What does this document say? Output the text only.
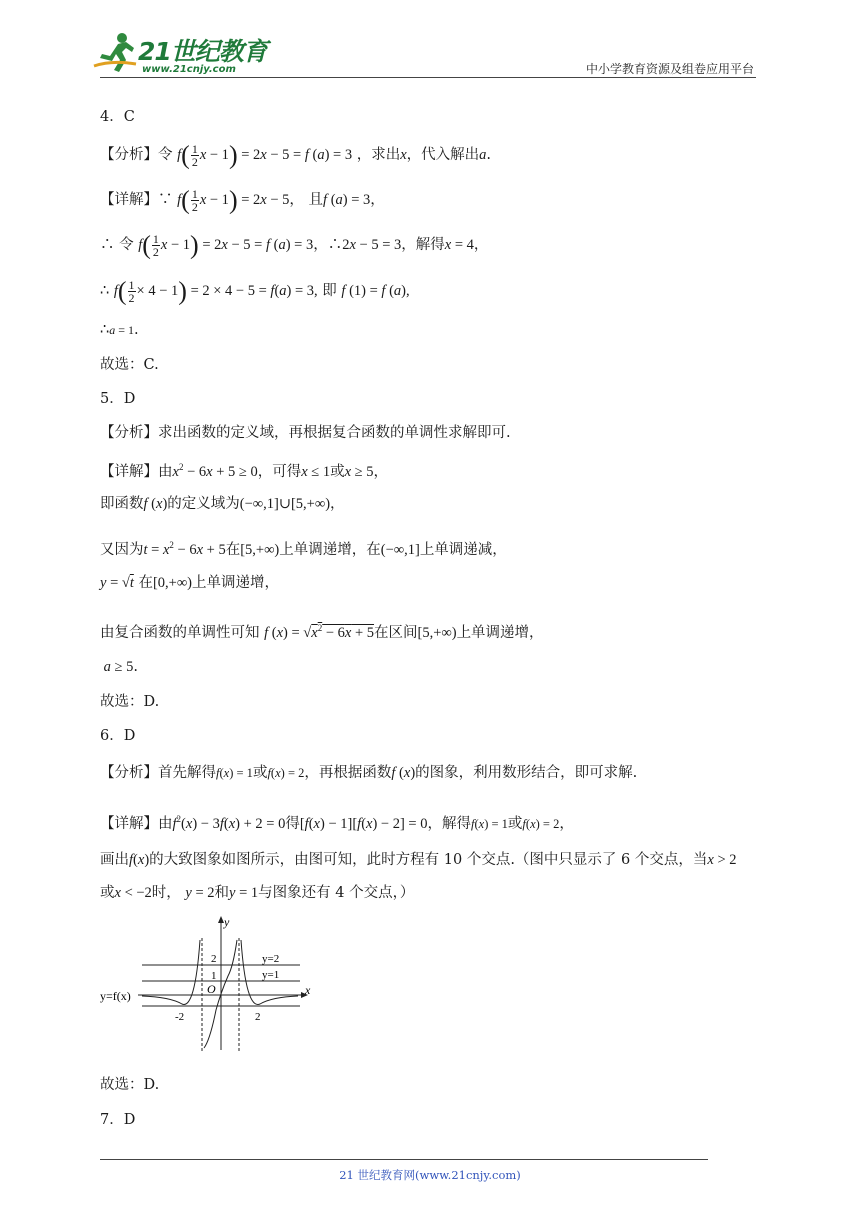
21世纪教育
www.21cnjy.com	中小学教育资源及组卷应用平台
4．C
【分析】令 $f( \frac{1}{2}$ x − 1) = 2x − 5 = f (a) = 3 ，求出x，代入解出a.
【详解】∵ $f( \frac{1}{2}$ x − 1) = 2x − 5， 且f (a) = 3，
∴ 令 $f( \frac{1}{2}$ x − 1) = 2x − 5 = f (a) = 3，∴2x − 5 = 3，解得x = 4，
∴ $f( \frac{1}{2} \times 4 - 1) = 2 \times 4 - 5 = f(a) = 3$, 即 f (1) = f (a),
∴a = 1.
故选：C.
5．D
【分析】求出函数的定义域，再根据复合函数的单调性求解即可.
【详解】由$x^2 - 6x + 5 \ge 0$，可得x ≤ 1或x ≥ 5，
即函数f (x)的定义域为(−∞,1]∪[5,+∞)，
又因为$t = x^2 - 6x + 5$在[5,+∞)上单调递增，在(−∞,1]上单调递减，
y = √t 在[0,+∞)上单调递增，
由复合函数的单调性可知 f $(x) = √x^2 - 6x + 5$在区间[5,+∞)上单调递增，
a ≥ 5.
故选：D.
6．D
【分析】首先解得f(x) = 1或f(x) = 2，再根据函数f (x)的图象，利用数形结合，即可求解.
【详解】由$f^2(x) - 3f(x) + 2 = 0$得[f(x) − 1][f(x) − 2] = 0，解得f(x) = 1或f(x) = 2，
画出f(x)的大致图象如图所示，由图可知，此时方程有 10 个交点.（图中只显示了 6 个交点，当x > 2
或x < −2时， y = 2和y = 1与图象还有 4 个交点，）
y
x
O
2
1
-2	2
y=2
y=1
y=f(x)
故选：D.
7．D
21 世纪教育网(www.21cnjy.com)
